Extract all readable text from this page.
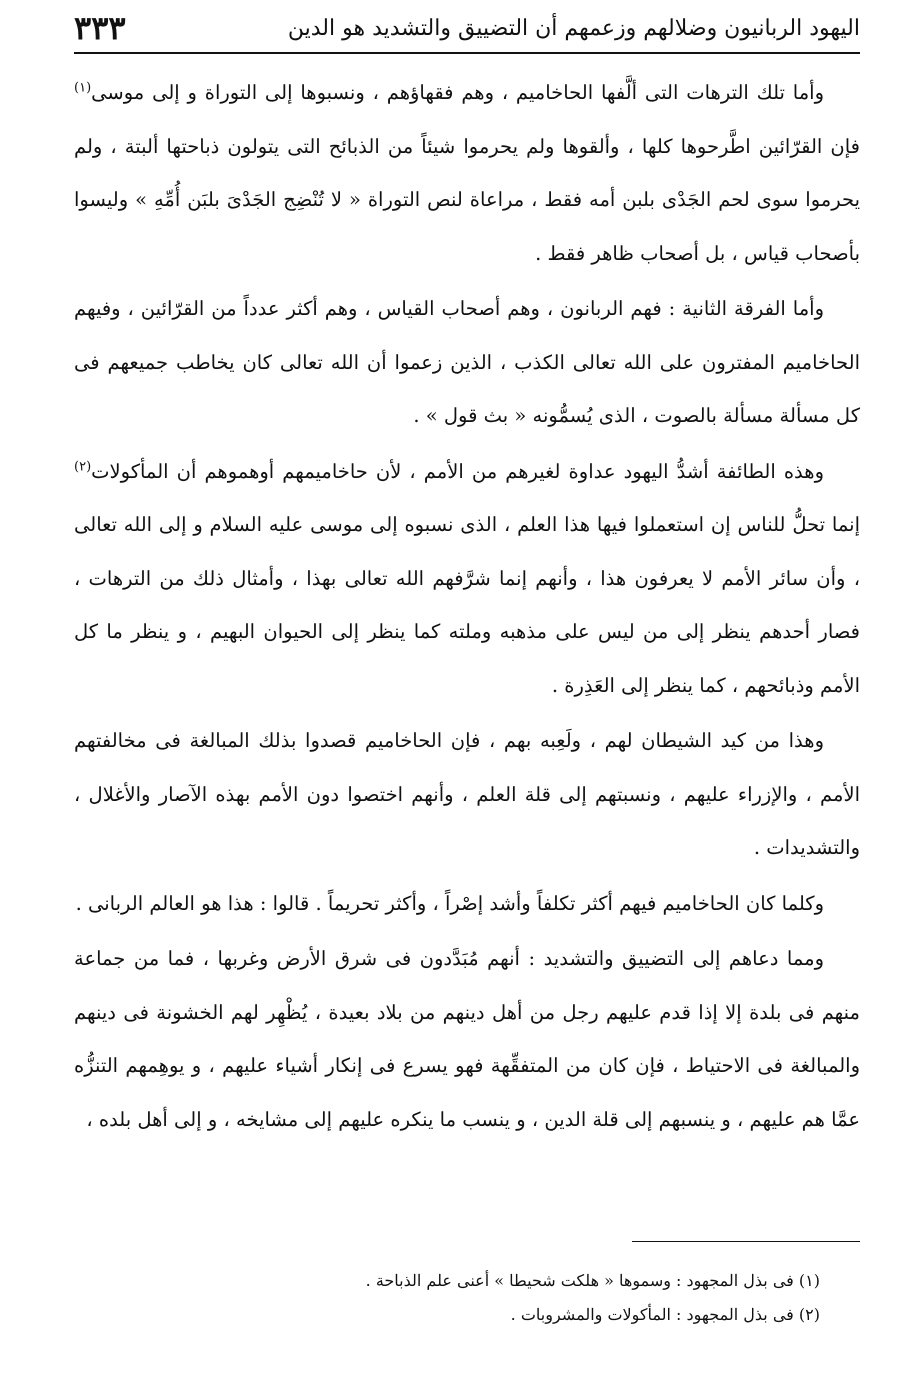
اليهود الربانيون وضلالهم وزعمهم أن التضييق والتشديد هو الدين
٣٣٣

وأما تلك الترهات التى ألَّفها الحاخاميم ، وهم فقهاؤهم ، ونسبوها إلى التوراة و إلى موسى$^{(١)}$ فإن القرّائين اطَّرحوها كلها ، وألقوها ولم يحرموا شيئاً من الذبائح التى يتولون ذباحتها ألبتة ، ولم يحرموا سوى لحم الجَدْى بلبن أمه فقط ، مراعاة لنص التوراة « لا تُنْضِج الجَدْىَ بلبَن أُمِّهِ » وليسوا بأصحاب قياس ، بل أصحاب ظاهر فقط .

وأما الفرقة الثانية : فهم الربانون ، وهم أصحاب القياس ، وهم أكثر عدداً من القرّائين ، وفيهم الحاخاميم المفترون على الله تعالى الكذب ، الذين زعموا أن الله تعالى كان يخاطب جميعهم فى كل مسألة مسألة بالصوت ، الذى يُسمُّونه « بث قول » .

وهذه الطائفة أشدُّ اليهود عداوة لغيرهم من الأمم ، لأن حاخاميمهم أوهموهم أن المأكولات$^{(٢)}$ إنما تحلُّ للناس إن استعملوا فيها هذا العلم ، الذى نسبوه إلى موسى عليه السلام و إلى الله تعالى ، وأن سائر الأمم لا يعرفون هذا ، وأنهم إنما شرَّفهم الله تعالى بهذا ، وأمثال ذلك من الترهات ، فصار أحدهم ينظر إلى من ليس على مذهبه وملته كما ينظر إلى الحيوان البهيم ، و ينظر ما كل الأمم وذبائحهم ، كما ينظر إلى العَذِرة .

وهذا من كيد الشيطان لهم ، ولَعِبه بهم ، فإن الحاخاميم قصدوا بذلك المبالغة فى مخالفتهم الأمم ، والإزراء عليهم ، ونسبتهم إلى قلة العلم ، وأنهم اختصوا دون الأمم بهذه الآصار والأغلال ، والتشديدات .

وكلما كان الحاخاميم فيهم أكثر تكلفاً وأشد إصْراً ، وأكثر تحريماً . قالوا : هذا هو العالم الربانى .

ومما دعاهم إلى التضييق والتشديد : أنهم مُبَدَّدون فى شرق الأرض وغربها ، فما من جماعة منهم فى بلدة إلا إذا قدم عليهم رجل من أهل دينهم من بلاد بعيدة ، يُظْهِر لهم الخشونة فى دينهم والمبالغة فى الاحتياط ، فإن كان من المتفقِّهة فهو يسرع فى إنكار أشياء عليهم ، و يوهِمهم التنزُّه عمَّا هم عليهم ، و ينسبهم إلى قلة الدين ، و ينسب ما ينكره عليهم إلى مشايخه ، و إلى أهل بلده ،

(١) فى بذل المجهود : وسموها « هلكت شحيطا » أعنى علم الذباحة .

(٢) فى بذل المجهود : المأكولات والمشروبات .
